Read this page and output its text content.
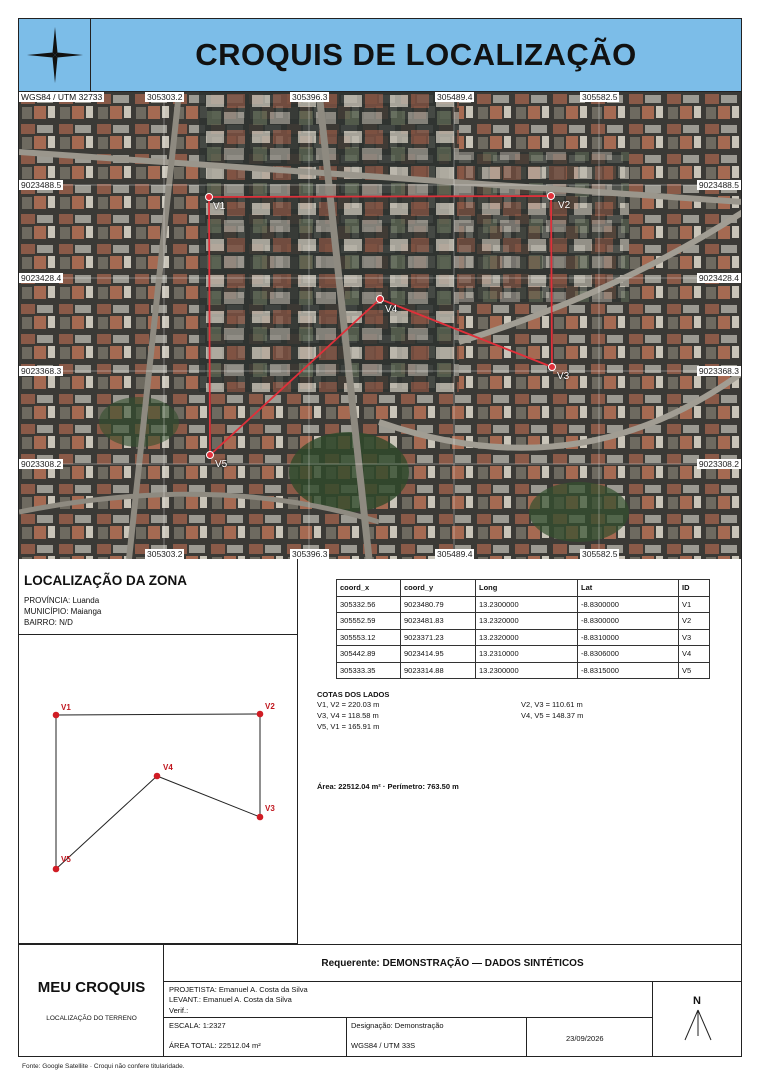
CROQUIS DE LOCALIZAÇÃO
V1	V2
V3
V4
V5
WGS84 / UTM 32733	305303.2	305396.3	305489.4	305582.5
305303.2	305396.3	305489.4	305582.5
9023488.5
9023428.4
9023368.3
9023308.2
9023488.5
9023428.4
9023368.3
9023308.2
LOCALIZAÇÃO DA ZONA
PROVÍNCIA: Luanda
MUNICÍPIO: Maianga
BAIRRO: N/D
V1	V2
V3
V4
V5
coord_x	coord_y	Long	Lat	ID
305332.56	9023480.79	13.2300000	-8.8300000	V1
305552.59	9023481.83	13.2320000	-8.8300000	V2
305553.12	9023371.23	13.2320000	-8.8310000	V3
305442.89	9023414.95	13.2310000	-8.8306000	V4
305333.35	9023314.88	13.2300000	-8.8315000	V5
COTAS DOS LADOS
V1, V2 = 220.03 m	V2, V3 = 110.61 m
V3, V4 = 118.58 m	V4, V5 = 148.37 m
V5, V1 = 165.91 m
Área: 22512.04 m² · Perímetro: 763.50 m
MEU CROQUIS
LOCALIZAÇÃO DO TERRENO
Requerente: DEMONSTRAÇÃO — DADOS SINTÉTICOS
PROJETISTA: Emanuel A. Costa da Silva
LEVANT.: Emanuel A. Costa da Silva
Verif.:
ESCALA: 1:2327
ÁREA TOTAL: 22512.04 m²
Designação: Demonstração
WGS84 / UTM 33S
23/09/2026
N
Fonte: Google Satellite · Croqui não confere titularidade.
